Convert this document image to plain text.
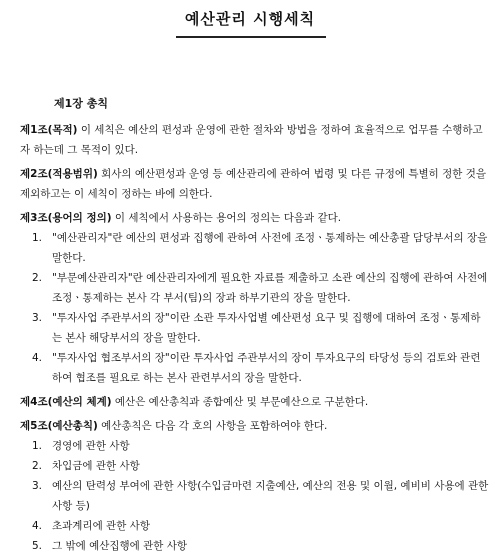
예산관리 시행세칙
제1장 총칙
제1조(목적) 이 세칙은 예산의 편성과 운영에 관한 절차와 방법을 정하여 효율적으로 업무를 수행하고자 하는데 그 목적이 있다.
제2조(적용범위) 회사의 예산편성과 운영 등 예산관리에 관하여 법령 및 다른 규정에 특별히 정한 것을 제외하고는 이 세칙이 정하는 바에 의한다.
제3조(용어의 정의) 이 세칙에서 사용하는 용어의 정의는 다음과 같다.
1. "예산관리자"란 예산의 편성과 집행에 관하여 사전에 조정ㆍ통제하는 예산총괄 담당부서의 장을 말한다.
2. "부문예산관리자"란 예산관리자에게 필요한 자료를 제출하고 소관 예산의 집행에 관하여 사전에 조정ㆍ통제하는 본사 각 부서(팀)의 장과 하부기관의 장을 말한다.
3. "투자사업 주관부서의 장"이란 소관 투자사업별 예산편성 요구 및 집행에 대하여 조정ㆍ통제하는 본사 해당부서의 장을 말한다.
4. "투자사업 협조부서의 장"이란 투자사업 주관부서의 장이 투자요구의 타당성 등의 검토와 관련하여 협조를 필요로 하는 본사 관련부서의 장을 말한다.
제4조(예산의 체계) 예산은 예산총칙과 종합예산 및 부문예산으로 구분한다.
제5조(예산총칙) 예산총칙은 다음 각 호의 사항을 포함하여야 한다.
1. 경영에 관한 사항
2. 차입금에 관한 사항
3. 예산의 탄력성 부여에 관한 사항(수입금마련 지출예산, 예산의 전용 및 이월, 예비비 사용에 관한 사항 등)
4. 초과계리에 관한 사항
5. 그 밖에 예산집행에 관한 사항
